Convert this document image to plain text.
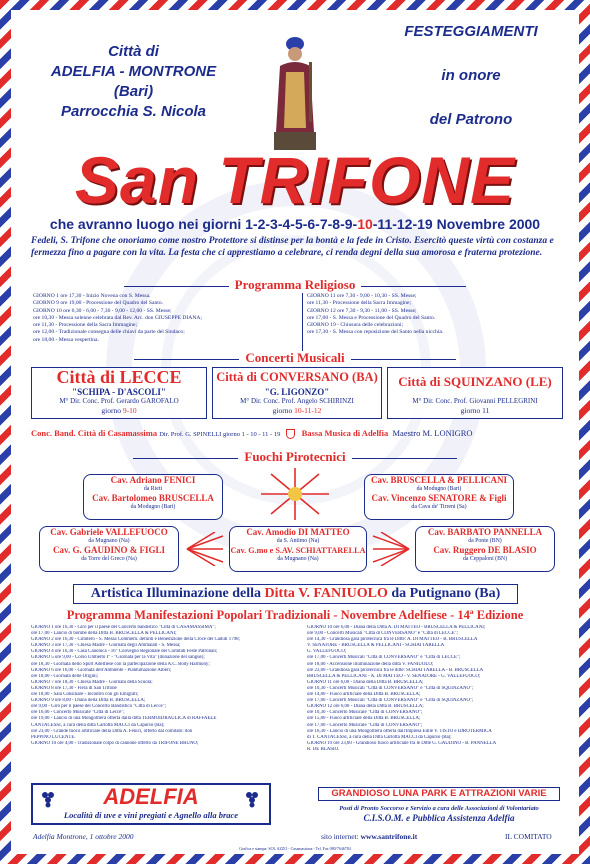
Città di
ADELFIA - MONTRONE
(Bari)
Parrocchia S. Nicola
FESTEGGIAMENTI
in onore
del Patrono
San TRIFONE
che avranno luogo nei giorni 1-2-3-4-5-6-7-8-9-10-11-12-19 Novembre 2000
Fedeli, S. Trifone che onoriamo come nostro Protettore si distinse per la bontà e la fede in Cristo. Esercitò queste virtù con costanza e fermezza fino a pagare con la vita. La festa che ci apprestiamo a celebrare, ci renda degni della sua amorosa e fraterna protezione.
Programma Religioso
GIORNO 1 ore 17,30 - Inizio Novena con S. Messa.
GIORNO 9 ore 19,00 - Processione del Quadro del Santo.
GIORNO 10 ore 6,30 - 6,00 - 7,30 - 9,00 - 12,00 - SS. Messe;
ore 10,30 - Messa solenne celebrata dal Rev. Arc. don GIUSEPPE DIANA;
ore 11,30 - Processione della Sacra Immagine;
ore 12,00 - Tradizionale consegna delle chiavi da parte del Sindaco;
ore 18,00 - Messa vespertina.
GIORNO 11 ore 7,30 - 9,00 - 10,30 - SS. Messe;
ore 11,30 - Processione della Sacra Immagine;
GIORNO 12 ore 7,30 - 9,30 - 11,00 - SS. Messe;
ore 17,00 - S. Messa e Processione del Quadro del Santo.
GIORNO 19 - Chiusura delle celebrazioni;
ore 17,30 - S. Messa con reposizione del Santo nella nicchia.
Concerti Musicali
Città di LECCE
"SCHIPA - D'ASCOLI"
M° Dir. Conc. Prof. Gerardo GAROFALO
giorno 9-10
Città di CONVERSANO (BA)
"G. LIGONZO"
M° Dir. Conc. Prof. Angelo SCHIRINZI
giorno 10-11-12
Città di SQUINZANO (LE)
M° Dir. Conc. Prof. Giovanni PELLEGRINI
giorno 11
Conc. Band. Città di Casamassima Dir. Prof. G. SPINELLI giorno 1 - 10 - 11 - 19	Bassa Musica di Adelfia Maestro M. LONIGRO
Fuochi Pirotecnici
Cav. Adriano FENICI
da Rieti
Cav. Bartolomeo BRUSCELLA
da Modugno (Bari)
Cav. BRUSCELLA & PELLICANI
da Modugno (Bari)
Cav. Vincenzo SENATORE & Figli
da Cava de' Tirreni (Sa)
Cav. Gabriele VALLEFUOCO
da Mugnano (Na)
Cav. G. GAUDINO & FIGLI
da Torre del Greco (Na)
Cav. Amodio DI MATTEO
da S. Antimo (Na)
Cav. G.mo e S.AV. SCHIATTARELLA
da Mugnano (Na)
Cav. BARBATO PANNELLA
da Ponte (BN)
Cav. Ruggero DE BLASIO
da Ceppaloni (BN)
Artistica Illuminazione della Ditta V. FANIUOLO da Putignano (Ba)
Programma Manifestazioni Popolari Tradizionali - Novembre Adelfiese - 14ª Edizione
GIORNO 1 ore 16,30 - Giro per il paese del Concerto bandistico "Città di CASAMASSIMA";
ore 17,00 - Lancio di bombe della Ditta B. BRUSCELLA & PELLICANI;
GIORNO 2 ore 16,30 - Cimitero - S. Messa Commem. defunti e Benedizione della Croce dei Caduti 1798;
GIORNO 3 ore 17,30 - Chiesa Madre - Giornata degli Ammalati - S. Messa;
GIORNO 4 ore 16,30 - Casa Canonica - 16° Convegno Regionale dei Comitati Feste Patronali;
GIORNO 5 ore 9,00 - Corso Umberto I° - "Giornata per la Vita" (donazione del sangue);
ore 18,30 - Giornata dello Sport Adelfiese con la partecipazione della A.C. Body Harmony;
GIORNO 6 ore 16,00 - Giornata dell'Ambiente - Piantumazione Alberi;
ore 18,00 - Giornata delle Origini;
GIORNO 7 ore 18,30 - Chiesa Madre - Giornata della Scuola;
GIORNO 8 ore 17,30 - Fiera di San Trifone
ore 18,00 - Sala Consiliare - Incontro con gli Emigrati;
GIORNO 9 ore 8,00 - Diana della Ditta B. BRUSCELLA;
ore 9,00 - Giro per il paese del Concerto Bandistico "Città di Lecce";
ore 16,00 - Concerto Musicale "Città di Lecce";
ore 19,00 - Lancio di una Mongolfiera offerta dalla ditta TERMOIDRAULICA di RAFFAELE
CANTACESSI, a cura della ditta Carlotta MACCI da Capurso (Ba);
ore 23,00 - Grande fuoco artificiale della Ditta A. Fenici, offerto dal comitato: don
PEPPINO LUCENTE.
GIORNO 10 ore 4,00 - Tradizionale colpo di cannone offerto da TRIFONE BRUNO;
GIORNO 10 ore 6,00 - Diana della Ditta A. DI MATTEO - BRUSCELLA & PELLICANI;
ore 9,00 - Concerti Musicali "Città di CONVERSANO" e "Città di LECCE";
ore 14,30 - Grandiosa gara pirotecnica fra le Ditte: A. DI MATTEO - B. BRUSCELLA
V. SENATORE - BRUSCELLA & PELLICANI - SCHIATTARELLA
G. VALLEFUOCO;
ore 17,00 - Concerti Musicali "Città di CONVERSANO" e "Città di LECCE";
ore 18,00 - Accensione illuminazione della ditta V. FANIUOLO;
ore 23,00 - Grandiosa gara pirotecnica fra le ditte: SCHIATTARELLA - B. BRUSCELLA
BRUSCELLA & PELLICANI - A. DI MATTEO - V. SENATORE - G. VALLEFUOCO;
GIORNO 11 ore 6,00 - Diana della Ditta B. BRUSCELLA;
ore 10,30 - Concerti Musicali "Città di CONVERSANO" e "Città di SQUINZANO";
ore 14,00 - Fuoco artificiale della Ditta B. BRUSCELLA;
ore 17,00 - Concerti Musicali "Città di CONVERSANO" e "Città di SQUINZANO";
GIORNO 12 ore 6,00 - Diana della Ditta B. BRUSCELLA;
ore 10,30 - Concerto Musicale "Città di CONVERSANO";
ore 15,00 - Fuoco artificiale della Ditta B. BRUSCELLA;
ore 17,00 - Concerto Musicale "Città di CONVERSANO";
ore 16,30 - Lancio di una Mongolfiera offerta dall'Impresa Edile V. TISTO e IDROTERMICA
di T. CANTACESSI, a cura della Ditta Carlotta MACCI da Capurso (Ba);
GIORNO 19 ore 23,00 - Grandioso fuoco artificiale fra le Ditte G. GAUDINO - B. PANNELLA
R. DE BLASIO.
ADELFIA
Località di uve e vini pregiati e Agnello alla brace
GRANDIOSO LUNA PARK E ATTRAZIONI VARIE
Posti di Pronto Soccorso e Servizio a cura delle Associazioni di Volontariato
C.I.S.O.M. e Pubblica Assistenza Adelfia
Adelfia Montrone, 1 ottobre 2000	sito internet: www.santrifone.it	IL COMITATO
Grafica e stampa: SOL AZZO - Casamassima - Tel. Fax 080/7646784
